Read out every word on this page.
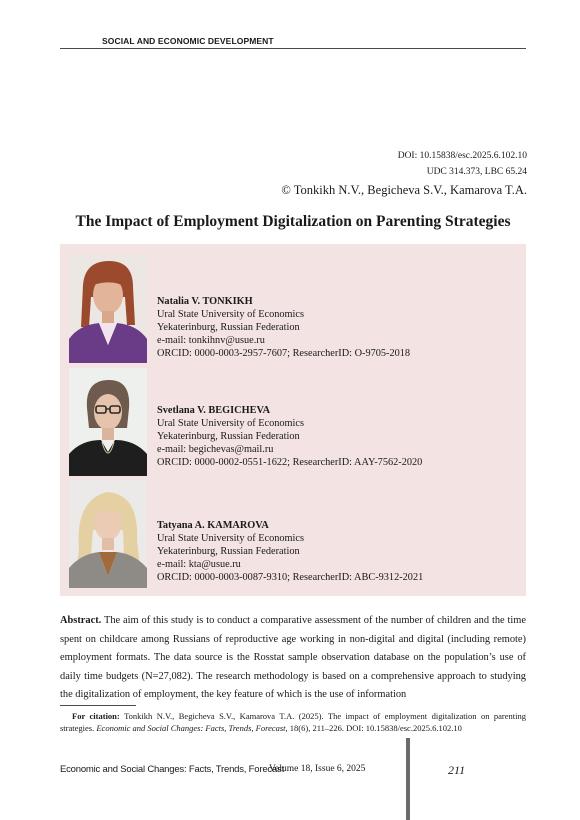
SOCIAL AND ECONOMIC DEVELOPMENT
DOI: 10.15838/esc.2025.6.102.10
UDC 314.373, LBC 65.24
© Tonkikh N.V., Begicheva S.V., Kamarova T.A.
The Impact of Employment Digitalization on Parenting Strategies
Natalia V. TONKIKH
Ural State University of Economics
Yekaterinburg, Russian Federation
e-mail: tonkihnv@usue.ru
ORCID: 0000-0003-2957-7607; ResearcherID: O-9705-2018
Svetlana V. BEGICHEVA
Ural State University of Economics
Yekaterinburg, Russian Federation
e-mail: begichevas@mail.ru
ORCID: 0000-0002-0551-1622; ResearcherID: AAY-7562-2020
Tatyana A. KAMAROVA
Ural State University of Economics
Yekaterinburg, Russian Federation
e-mail: kta@usue.ru
ORCID: 0000-0003-0087-9310; ResearcherID: ABC-9312-2021
Abstract. The aim of this study is to conduct a comparative assessment of the number of children and the time spent on childcare among Russians of reproductive age working in non-digital and digital (including remote) employment formats. The data source is the Rosstat sample observation database on the population’s use of daily time budgets (N=27,082). The research methodology is based on a comprehensive approach to studying the digitalization of employment, the key feature of which is the use of information
For citation: Tonkikh N.V., Begicheva S.V., Kamarova T.A. (2025). The impact of employment digitalization on parenting strategies. Economic and Social Changes: Facts, Trends, Forecast, 18(6), 211–226. DOI: 10.15838/esc.2025.6.102.10
Economic and Social Changes: Facts, Trends, Forecast
Volume 18, Issue 6, 2025	211
